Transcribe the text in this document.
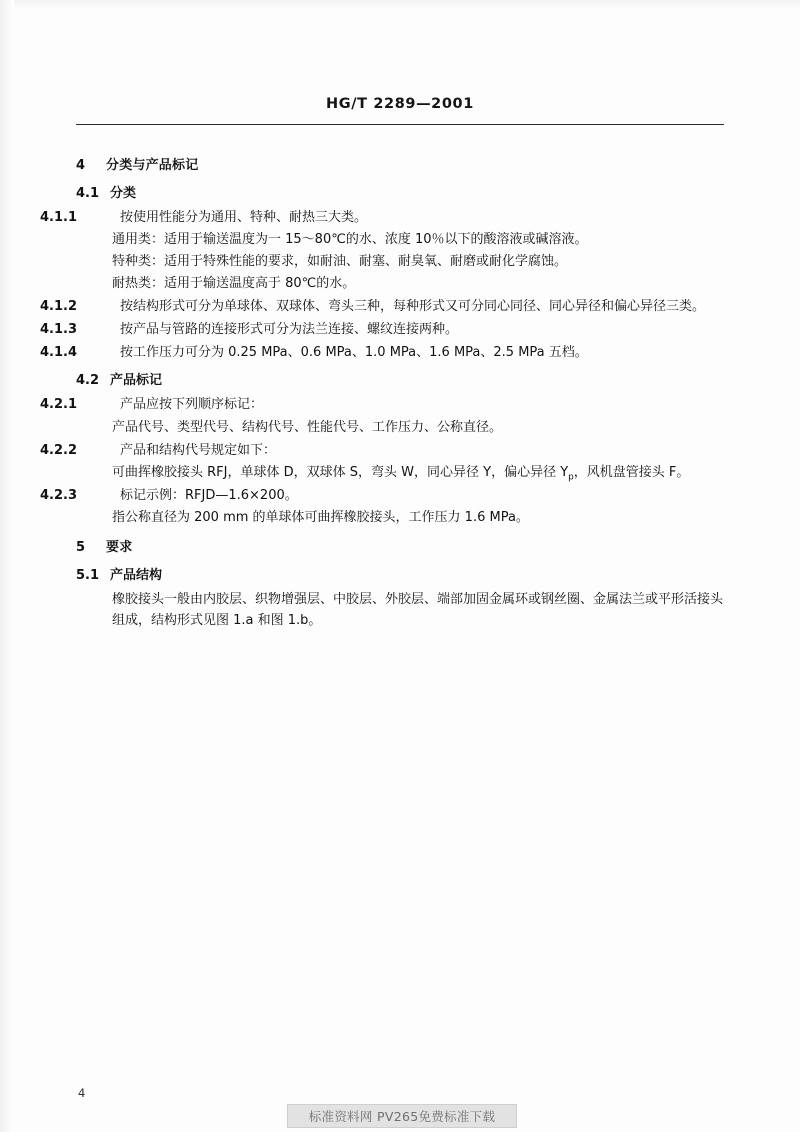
HG/T 2289—2001
4 分类与产品标记
4.1 分类
4.1.1	按使用性能分为通用、特种、耐热三大类。
通用类：适用于输送温度为一 15～80℃的水、浓度 10％以下的酸溶液或碱溶液。
特种类：适用于特殊性能的要求，如耐油、耐塞、耐臭氧、耐磨或耐化学腐蚀。
耐热类：适用于输送温度高于 80℃的水。
4.1.2	按结构形式可分为单球体、双球体、弯头三种，每种形式又可分同心同径、同心异径和偏心异径三类。
4.1.3	按产品与管路的连接形式可分为法兰连接、螺纹连接两种。
4.1.4	按工作压力可分为 0.25 MPa、0.6 MPa、1.0 MPa、1.6 MPa、2.5 MPa 五档。
4.2 产品标记
4.2.1	产品应按下列顺序标记：
产品代号、类型代号、结构代号、性能代号、工作压力、公称直径。
4.2.2	产品和结构代号规定如下：
可曲挥橡胶接头 RFJ，单球体 D，双球体 S，弯头 W，同心异径 Y，偏心异径 $Y_p$，风机盘管接头 F。
4.2.3	标记示例：RFJD—1.6×200。
指公称直径为 200 mm 的单球体可曲挥橡胶接头，工作压力 1.6 MPa。
5 要求
5.1 产品结构
橡胶接头一般由内胶层、织物增强层、中胶层、外胶层、端部加固金属环或钢丝圈、金属法兰或平形活接头组成，结构形式见图 1.a 和图 1.b。
4
标准资料网 PV265免费标准下载
